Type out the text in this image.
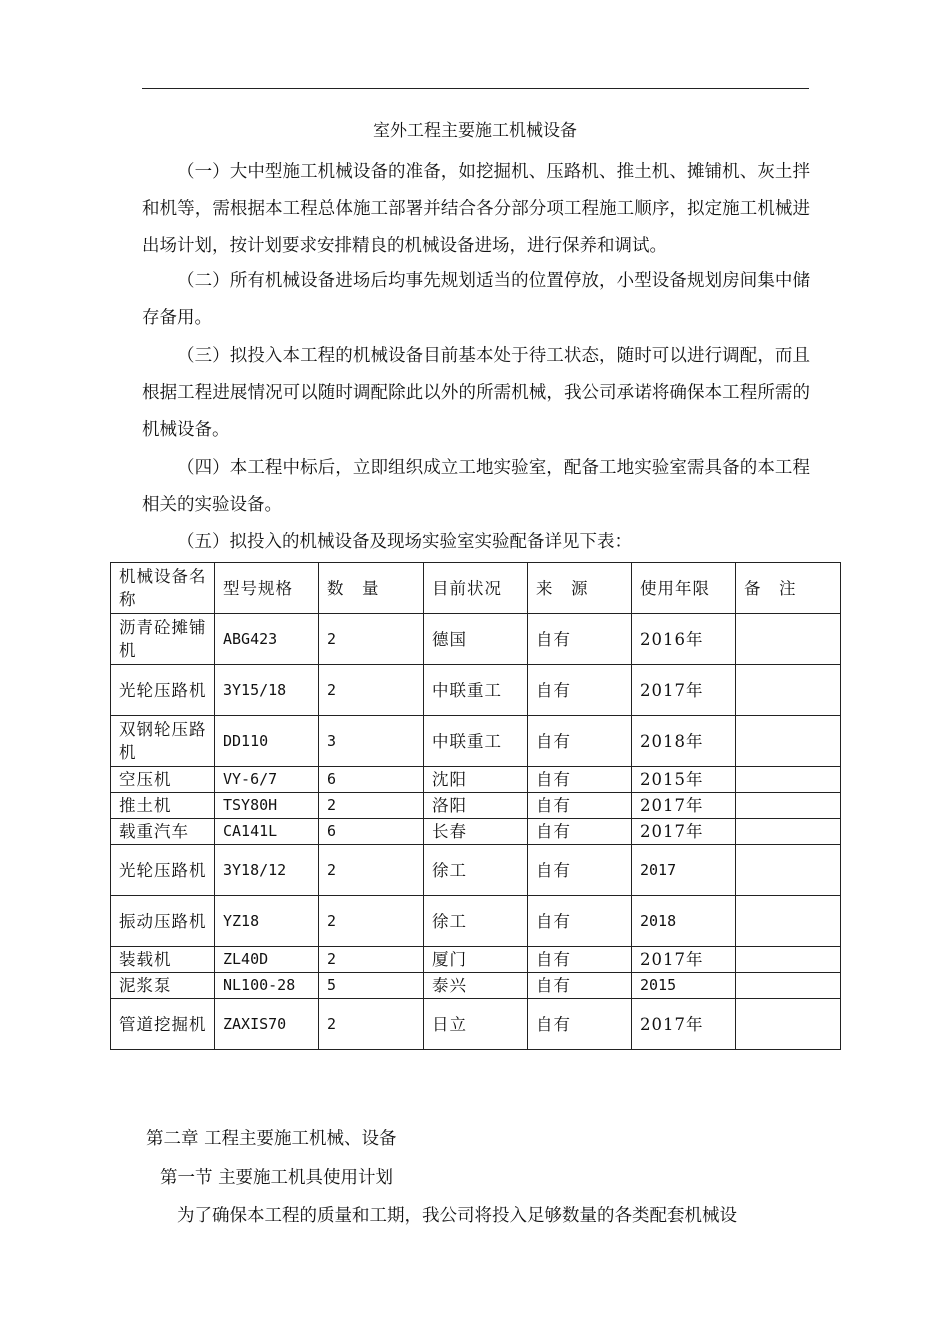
室外工程主要施工机械设备

（一）大中型施工机械设备的准备，如挖掘机、压路机、推土机、摊铺机、灰土拌和机等，需根据本工程总体施工部署并结合各分部分项工程施工顺序，拟定施工机械进出场计划，按计划要求安排精良的机械设备进场，进行保养和调试。

（二）所有机械设备进场后均事先规划适当的位置停放，小型设备规划房间集中储存备用。

（三）拟投入本工程的机械设备目前基本处于待工状态，随时可以进行调配，而且根据工程进展情况可以随时调配除此以外的所需机械，我公司承诺将确保本工程所需的机械设备。

（四）本工程中标后，立即组织成立工地实验室，配备工地实验室需具备的本工程相关的实验设备。

（五）拟投入的机械设备及现场实验室实验配备详见下表：

机械设备名称	型号规格	数　量	目前状况	来　源	使用年限	备　注
沥青砼摊铺机	ABG423	2	德国	自有	2016年	
光轮压路机	3Y15/18	2	中联重工	自有	2017年	
双钢轮压路机	DD110	3	中联重工	自有	2018年	
空压机	VY-6/7	6	沈阳	自有	2015年	
推土机	TSY80H	2	洛阳	自有	2017年	
载重汽车	CA141L	6	长春	自有	2017年	
光轮压路机	3Y18/12	2	徐工	自有	2017	
振动压路机	YZ18	2	徐工	自有	2018	
装载机	ZL40D	2	厦门	自有	2017年	
泥浆泵	NL100-28	5	泰兴	自有	2015	
管道挖掘机	ZAXIS70	2	日立	自有	2017年	
第二章 工程主要施工机械、设备
第一节 主要施工机具使用计划

为了确保本工程的质量和工期，我公司将投入足够数量的各类配套机械设
